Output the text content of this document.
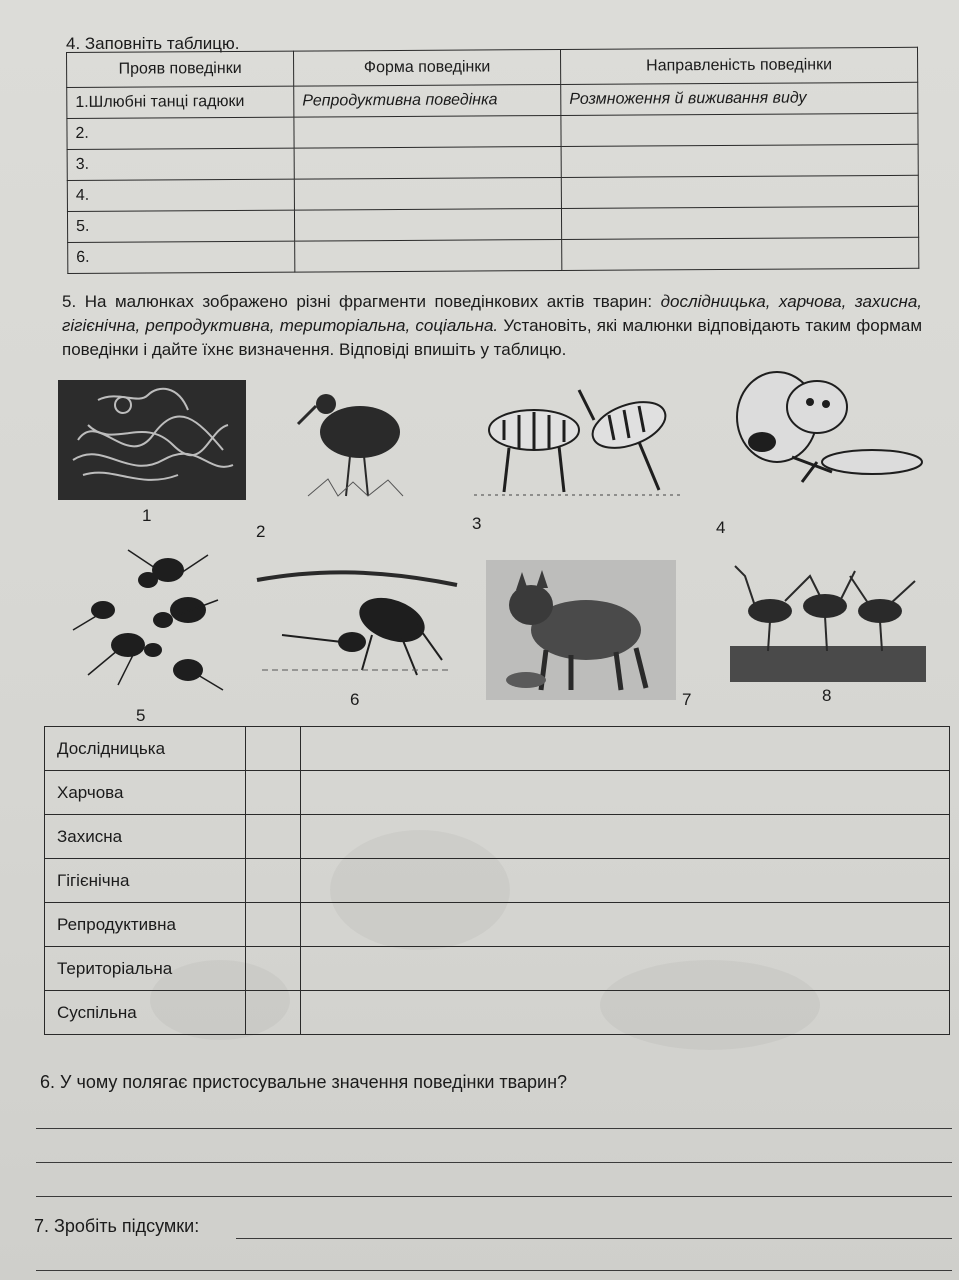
4. Заповніть таблицю.
Прояв поведінки	Форма поведінки	Направленість поведінки
1.Шлюбні танці гадюки	Репродуктивна поведінка	Розмноження й виживання виду
2.		
3.		
4.		
5.		
6.		
5. На малюнках зображено різні фрагменти поведінкових актів тварин: дослідницька, харчова, захисна, гігієнічна, репродуктивна, територіальна, соціальна. Установіть, які малюнки відповідають таким формам поведінки і дайте їхнє визначення. Відповіді впишіть у таблицю.
1
2	3	4
5
6	7	8
Дослідницька		
Харчова		
Захисна		
Гігієнічна		
Репродуктивна		
Територіальна		
Суспільна		
6. У чому полягає пристосувальне значення поведінки тварин?
7. Зробіть підсумки:
